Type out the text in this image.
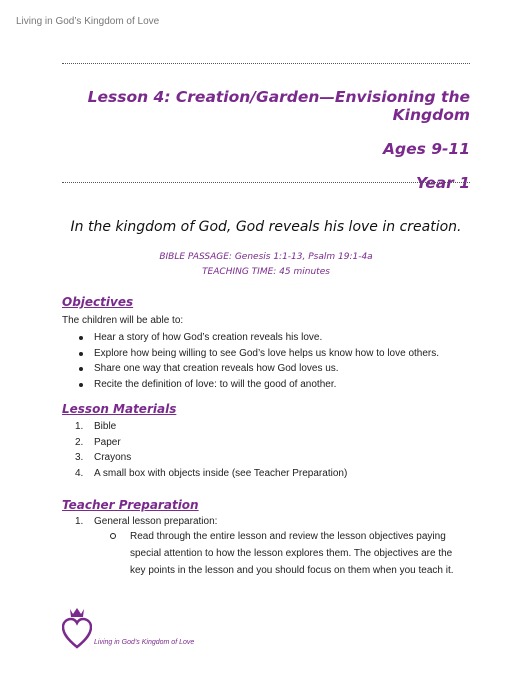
Living in God’s Kingdom of Love

Lesson 4: Creation/Garden—Envisioning the Kingdom

Ages 9-11

Year 1

In the kingdom of God, God reveals his love in creation.
BIBLE PASSAGE: Genesis 1:1-13, Psalm 19:1-4a
TEACHING TIME: 45 minutes
Objectives
The children will be able to:
Hear a story of how God’s creation reveals his love.
Explore how being willing to see God’s love helps us know how to love others.
Share one way that creation reveals how God loves us.
Recite the definition of love: to will the good of another.
Lesson Materials
1. Bible
2. Paper
3. Crayons
4. A small box with objects inside (see Teacher Preparation)
Teacher Preparation
1. General lesson preparation:
Read through the entire lesson and review the lesson objectives paying special attention to how the lesson explores them. The objectives are the key points in the lesson and you should focus on them when you teach it.
Living in God’s Kingdom of Love
